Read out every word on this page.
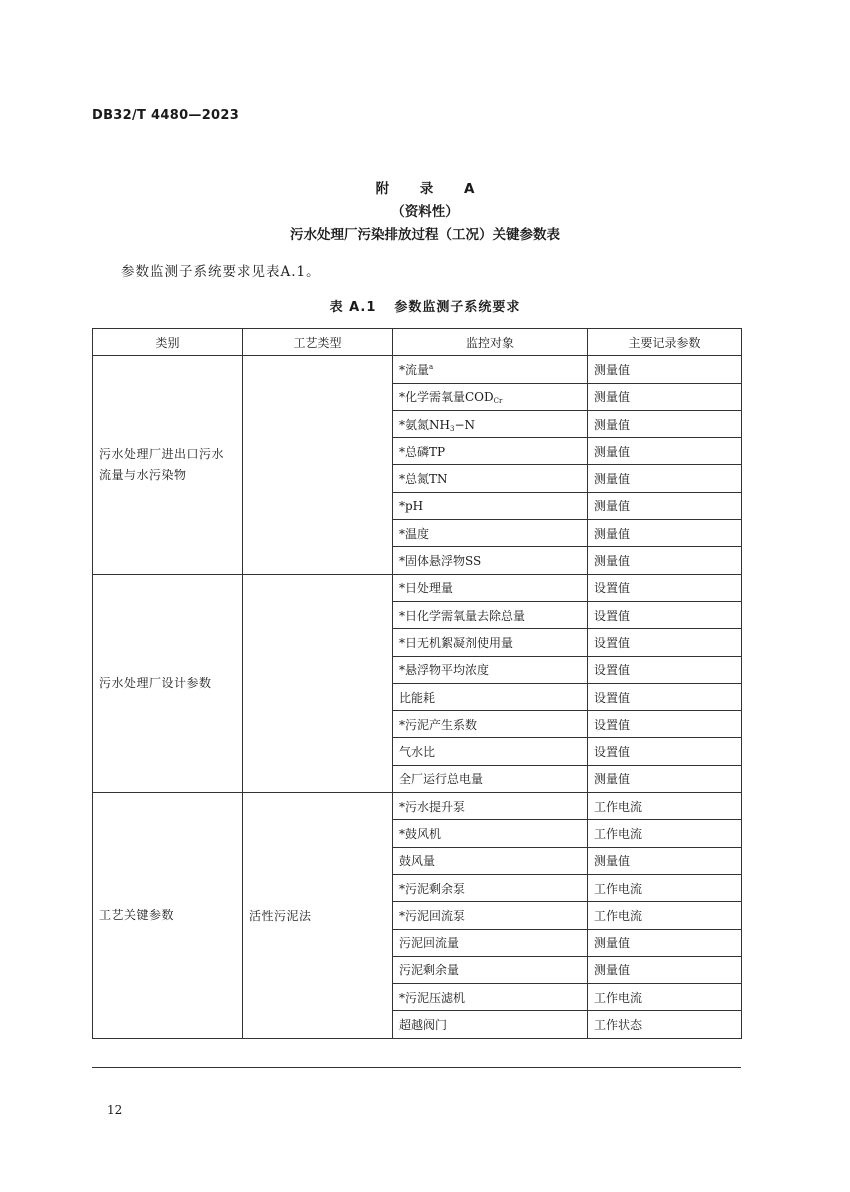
DB32/T 4480—2023
附 录 A
（资料性）
污水处理厂污染排放过程（工况）关键参数表
参数监测子系统要求见表A.1。
表 A.1 参数监测子系统要求
类别	工艺类型	监控对象	主要记录参数
污水处理厂进出口污水流量与水污染物		*流量$^a$	测量值
		*化学需氧量$COD_{Cr}$	测量值
		*氨氮$NH_3-N$	测量值
		*总磷TP	测量值
		*总氮TN	测量值
		*pH	测量值
		*温度	测量值
		*固体悬浮物SS	测量值
污水处理厂设计参数		*日处理量	设置值
		*日化学需氧量去除总量	设置值
		*日无机絮凝剂使用量	设置值
		*悬浮物平均浓度	设置值
		比能耗	设置值
		*污泥产生系数	设置值
		气水比	设置值
		全厂运行总电量	测量值
工艺关键参数	活性污泥法	*污水提升泵	工作电流
		*鼓风机	工作电流
		鼓风量	测量值
		*污泥剩余泵	工作电流
		*污泥回流泵	工作电流
		污泥回流量	测量值
		污泥剩余量	测量值
		*污泥压滤机	工作电流
		超越阀门	工作状态
12
